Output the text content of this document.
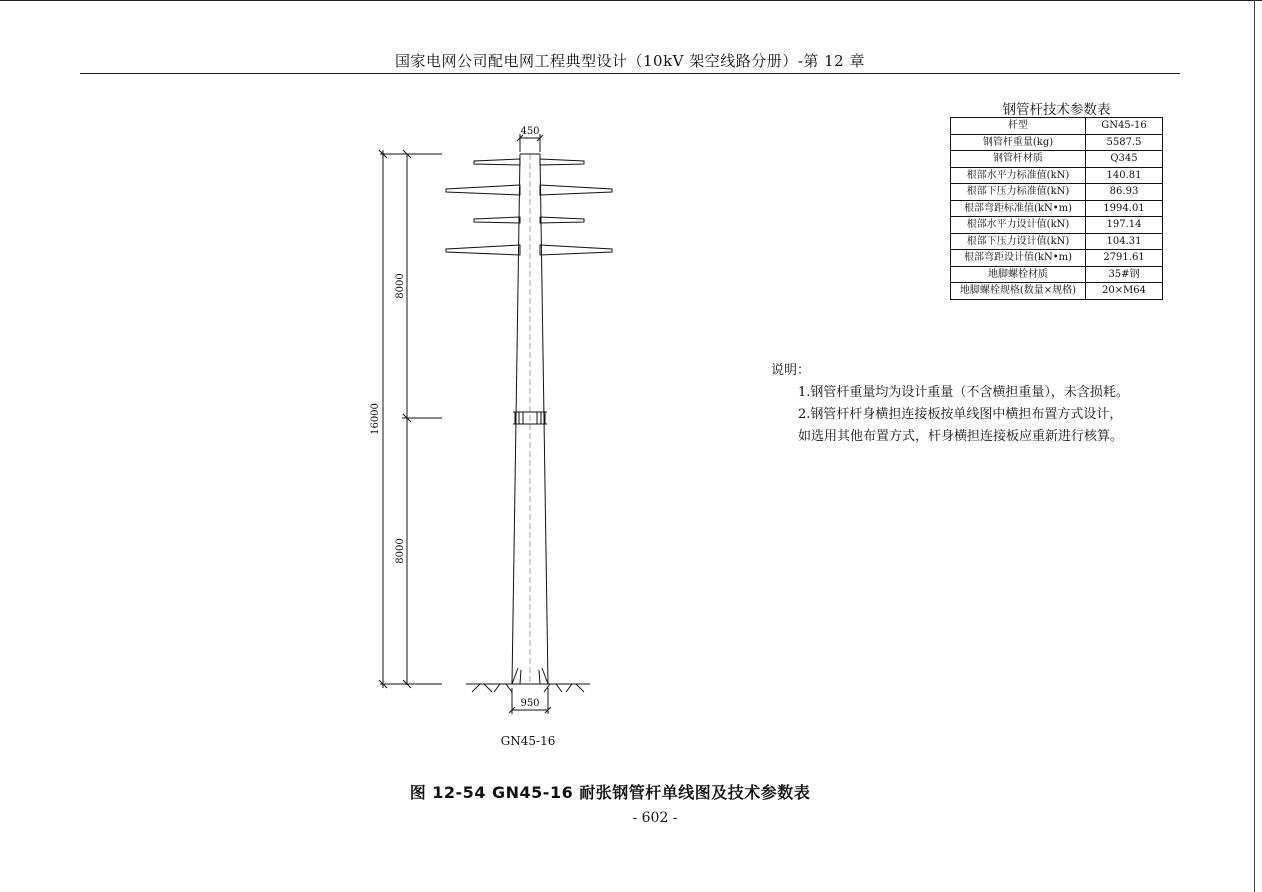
国家电网公司配电网工程典型设计（10kV 架空线路分册）-第 12 章
450
950
8000
8000
16000
GN45-16
钢管杆技术参数表
杆型	GN45-16
钢管杆重量(kg)	5587.5
钢管杆材质	Q345
根部水平力标准值(kN)	140.81
根部下压力标准值(kN)	86.93
根部弯距标准值(kN•m)	1994.01
根部水平力设计值(kN)	197.14
根部下压力设计值(kN)	104.31
根部弯距设计值(kN•m)	2791.61
地脚螺栓材质	35#钢
地脚螺栓规格(数量×规格)	20×M64
说明：
1.钢管杆重量均为设计重量（不含横担重量），未含损耗。
2.钢管杆杆身横担连接板按单线图中横担布置方式设计，
如选用其他布置方式，杆身横担连接板应重新进行核算。
图 12-54 GN45-16 耐张钢管杆单线图及技术参数表
- 602 -
